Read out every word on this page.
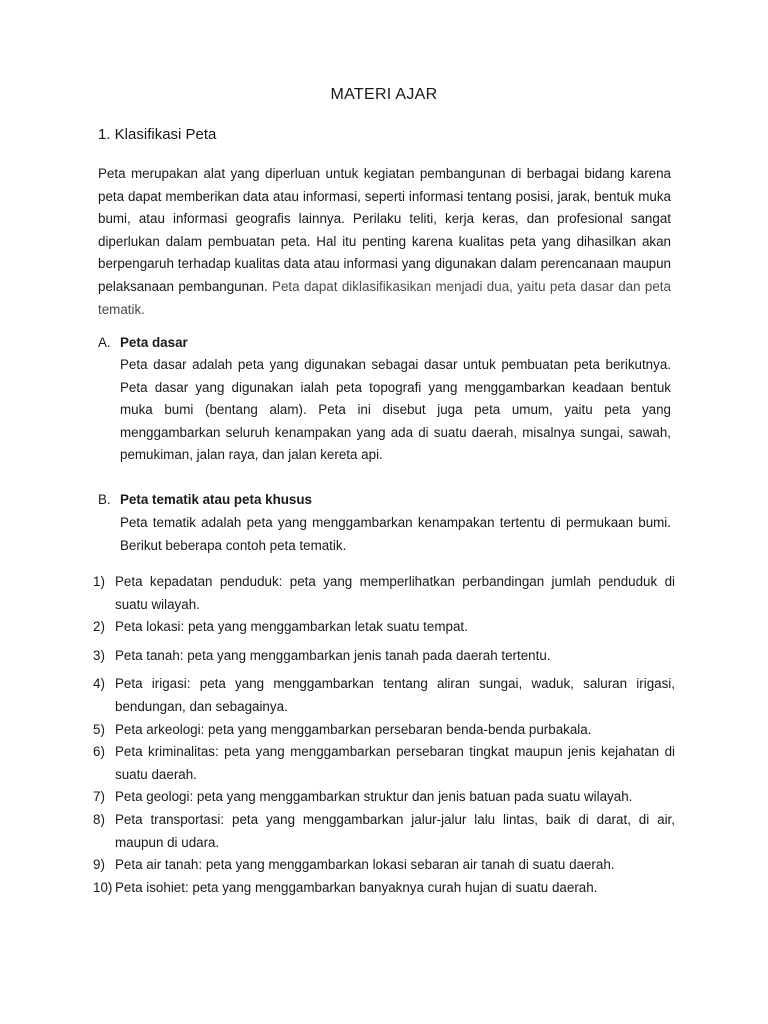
MATERI AJAR
1. Klasifikasi Peta

Peta merupakan alat yang diperluan untuk kegiatan pembangunan di berbagai bidang karena peta dapat memberikan data atau informasi, seperti informasi tentang posisi, jarak, bentuk muka bumi, atau informasi geografis lainnya. Perilaku teliti, kerja keras, dan profesional sangat diperlukan dalam pembuatan peta. Hal itu penting karena kualitas peta yang dihasilkan akan berpengaruh terhadap kualitas data atau informasi yang digunakan dalam perencanaan maupun pelaksanaan pembangunan. Peta dapat diklasifikasikan menjadi dua, yaitu peta dasar dan peta tematik.

A. Peta dasar

Peta dasar adalah peta yang digunakan sebagai dasar untuk pembuatan peta berikutnya. Peta dasar yang digunakan ialah peta topografi yang menggambarkan keadaan bentuk muka bumi (bentang alam). Peta ini disebut juga peta umum, yaitu peta yang menggambarkan seluruh kenampakan yang ada di suatu daerah, misalnya sungai, sawah, pemukiman, jalan raya, dan jalan kereta api.

B. Peta tematik atau peta khusus

Peta tematik adalah peta yang menggambarkan kenampakan tertentu di permukaan bumi. Berikut beberapa contoh peta tematik.

1) Peta kepadatan penduduk: peta yang memperlihatkan perbandingan jumlah penduduk di suatu wilayah.
2) Peta lokasi: peta yang menggambarkan letak suatu tempat.
3) Peta tanah: peta yang menggambarkan jenis tanah pada daerah tertentu.
4) Peta irigasi: peta yang menggambarkan tentang aliran sungai, waduk, saluran irigasi, bendungan, dan sebagainya.
5) Peta arkeologi: peta yang menggambarkan persebaran benda-benda purbakala.
6) Peta kriminalitas: peta yang menggambarkan persebaran tingkat maupun jenis kejahatan di suatu daerah.
7) Peta geologi: peta yang menggambarkan struktur dan jenis batuan pada suatu wilayah.
8) Peta transportasi: peta yang menggambarkan jalur-jalur lalu lintas, baik di darat, di air, maupun di udara.
9) Peta air tanah: peta yang menggambarkan lokasi sebaran air tanah di suatu daerah.
10) Peta isohiet: peta yang menggambarkan banyaknya curah hujan di suatu daerah.
